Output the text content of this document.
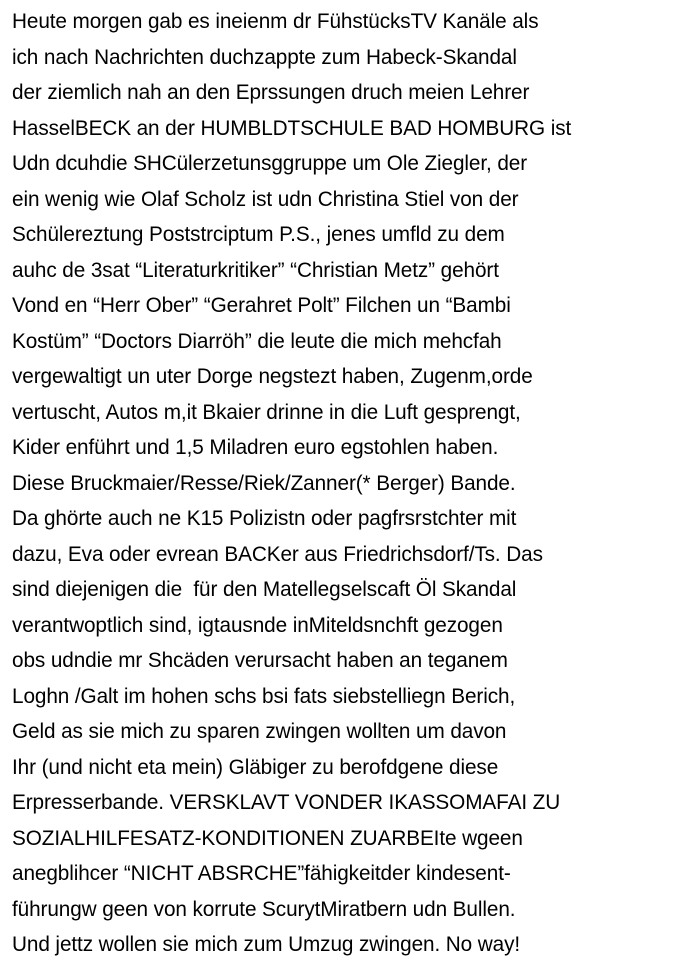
Heute morgen gab es ineienm dr FühstücksTV Kanäle als
ich nach Nachrichten duchzappte zum Habeck-Skandal
der ziemlich nah an den Eprssungen druch meien Lehrer
HasselBECK an der HUMBLDTSCHULE BAD HOMBURG ist
Udn dcuhdie SHCülerzetunsggruppe um Ole Ziegler, der
ein wenig wie Olaf Scholz ist udn Christina Stiel von der
Schülereztung Poststrciptum P.S., jenes umfld zu dem
auhc de 3sat “Literaturkritiker” “Christian Metz” gehört
Vond en “Herr Ober” “Gerahret Polt” Filchen un “Bambi
Kostüm” “Doctors Diarröh” die leute die mich mehcfah
vergewaltigt un uter Dorge negstezt haben, Zugenm,orde
vertuscht, Autos m,it Bkaier drinne in die Luft gesprengt,
Kider enführt und 1,5 Miladren euro egstohlen haben.
Diese Bruckmaier/Resse/Riek/Zanner(* Berger) Bande.
Da ghörte auch ne K15 Polizistn oder pagfrsrstchter mit
dazu, Eva oder evrean BACKer aus Friedrichsdorf/Ts. Das
sind diejenigen die  für den Matellegselscaft Öl Skandal
verantwoptlich sind, igtausnde inMiteldsnchft gezogen
obs udndie mr Shcäden verursacht haben an teganem
Loghn /Galt im hohen schs bsi fats siebstelliegn Berich,
Geld as sie mich zu sparen zwingen wollten um davon
Ihr (und nicht eta mein) Gläbiger zu berofdgene diese
Erpresserbande. VERSKLAVT VONDER IKASSOMAFAI ZU
SOZIALHILFESATZ-KONDITIONEN ZUARBEIte wgeen
anegblihcer “NICHT ABSRCHE”fähigkeitder kindesent-
führungw geen von korrute ScurytMiratbern udn Bullen.
Und jettz wollen sie mich zum Umzug zwingen. No way!
